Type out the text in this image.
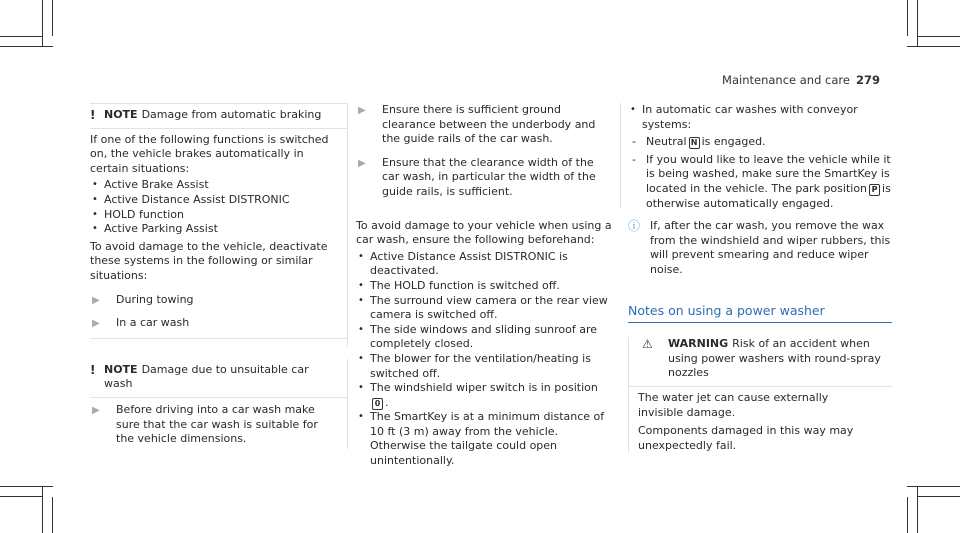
Maintenance and care 279
! NOTE Damage from automatic braking

If one of the following functions is switched on, the vehicle brakes automatically in certain situations:

• Active Brake Assist
• Active Distance Assist DISTRONIC
• HOLD function
• Active Parking Assist

To avoid damage to the vehicle, deactivate these systems in the following or similar situations:

▶ During towing
▶ In a car wash
! NOTE Damage due to unsuitable car wash
▶ Before driving into a car wash make sure that the car wash is suitable for the vehicle dimensions.
▶ Ensure there is sufficient ground clearance between the underbody and the guide rails of the car wash.
▶ Ensure that the clearance width of the car wash, in particular the width of the guide rails, is sufficient.

To avoid damage to your vehicle when using a car wash, ensure the following beforehand:

• Active Distance Assist DISTRONIC is deactivated.
• The HOLD function is switched off.
• The surround view camera or the rear view camera is switched off.
• The side windows and sliding sunroof are completely closed.
• The blower for the ventilation/heating is switched off.
• The windshield wiper switch is in position
0 .
• The SmartKey is at a minimum distance of 10 ft (3 m) away from the vehicle. Otherwise the tailgate could open unintentionally.
• In automatic car washes with conveyor systems:
- Neutral N is engaged.
- If you would like to leave the vehicle while it is being washed, make sure the SmartKey is located in the vehicle. The park position P is otherwise automatically engaged.
ⓘ If, after the car wash, you remove the wax from the windshield and wiper rubbers, this will prevent smearing and reduce wiper noise.
Notes on using a power washer
⚠ WARNING Risk of an accident when using power washers with round-spray nozzles

The water jet can cause externally invisible damage.

Components damaged in this way may unexpectedly fail.
